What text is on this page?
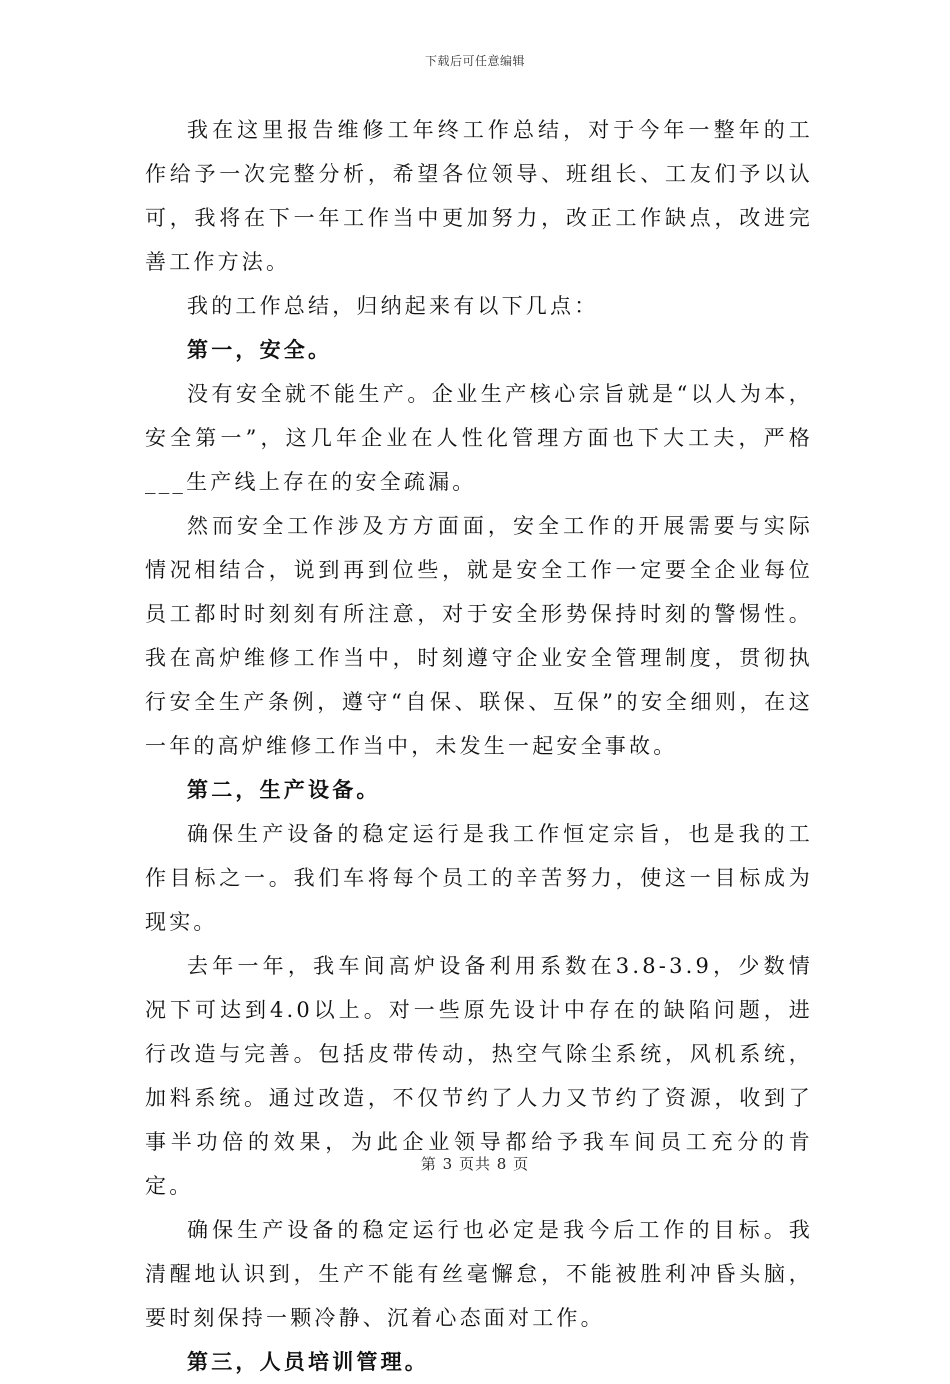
下载后可任意编辑

我在这里报告维修工年终工作总结，对于今年一整年的工作给予一次完整分析，希望各位领导、班组长、工友们予以认可，我将在下一年工作当中更加努力，改正工作缺点，改进完善工作方法。

我的工作总结，归纳起来有以下几点：

第一，安全。

没有安全就不能生产。企业生产核心宗旨就是“以人为本，安全第一”，这几年企业在人性化管理方面也下大工夫，严格___生产线上存在的安全疏漏。

然而安全工作涉及方方面面，安全工作的开展需要与实际情况相结合，说到再到位些，就是安全工作一定要全企业每位员工都时时刻刻有所注意，对于安全形势保持时刻的警惕性。我在高炉维修工作当中，时刻遵守企业安全管理制度，贯彻执行安全生产条例，遵守“自保、联保、互保”的安全细则，在这一年的高炉维修工作当中，未发生一起安全事故。

第二，生产设备。

确保生产设备的稳定运行是我工作恒定宗旨，也是我的工作目标之一。我们车将每个员工的辛苦努力，使这一目标成为现实。

去年一年，我车间高炉设备利用系数在3.8-3.9，少数情况下可达到4.0以上。对一些原先设计中存在的缺陷问题，进行改造与完善。包括皮带传动，热空气除尘系统，风机系统，加料系统。通过改造，不仅节约了人力又节约了资源，收到了事半功倍的效果，为此企业领导都给予我车间员工充分的肯定。

确保生产设备的稳定运行也必定是我今后工作的目标。我清醒地认识到，生产不能有丝毫懈怠，不能被胜利冲昏头脑，要时刻保持一颗冷静、沉着心态面对工作。

第三，人员培训管理。

第 3 页共 8 页
